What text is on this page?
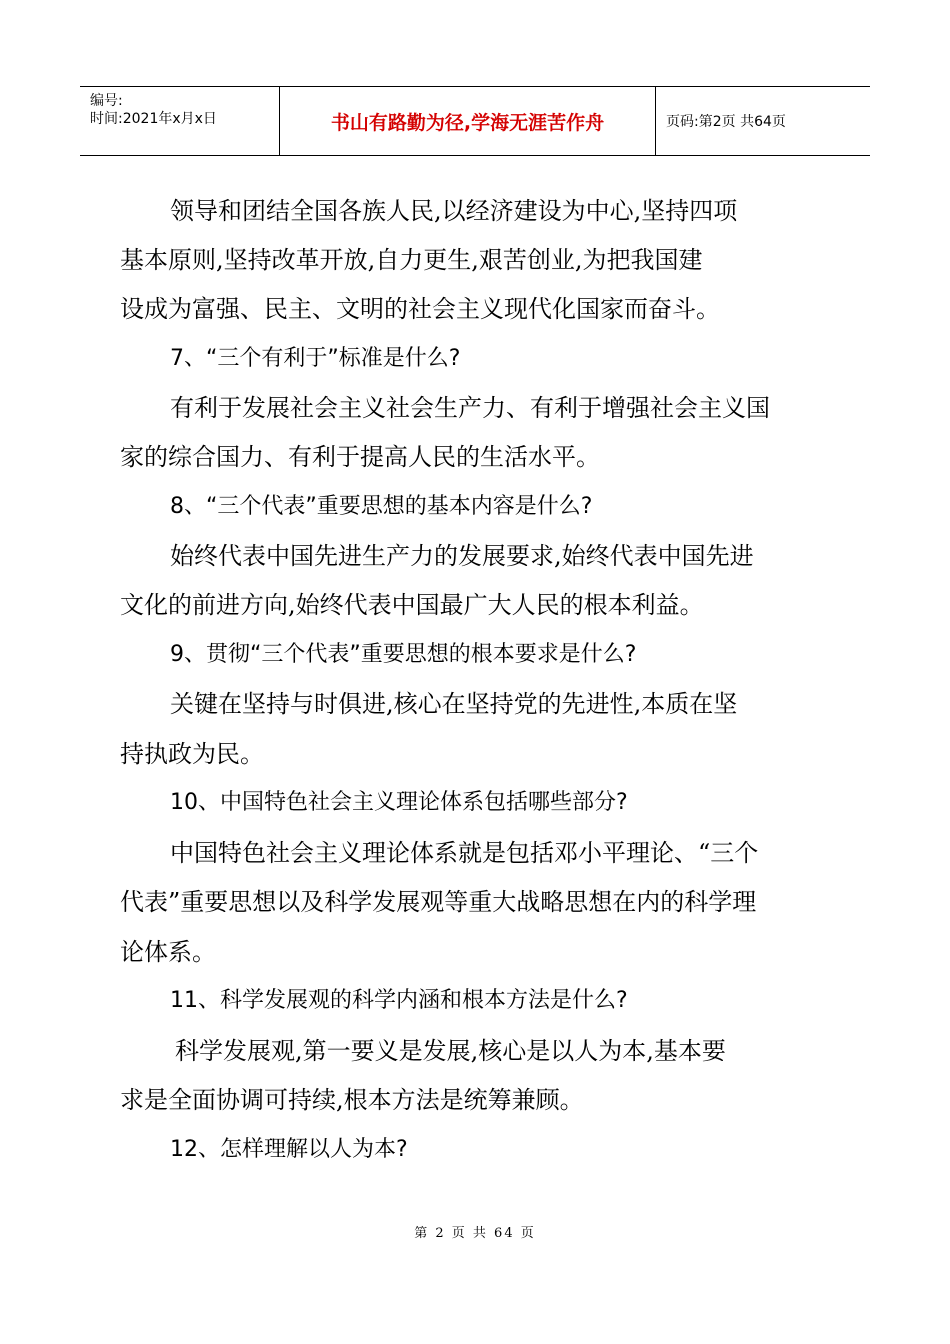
编号:
时间:2021年x月x日	书山有路勤为径,学海无涯苦作舟	页码:第2页 共64页
领导和团结全国各族人民,以经济建设为中心,坚持四项
基本原则,坚持改革开放,自力更生,艰苦创业,为把我国建
设成为富强、民主、文明的社会主义现代化国家而奋斗。
7、“三个有利于”标准是什么?
有利于发展社会主义社会生产力、有利于增强社会主义国
家的综合国力、有利于提高人民的生活水平。
8、“三个代表”重要思想的基本内容是什么?
始终代表中国先进生产力的发展要求,始终代表中国先进
文化的前进方向,始终代表中国最广大人民的根本利益。
9、贯彻“三个代表”重要思想的根本要求是什么?
关键在坚持与时俱进,核心在坚持党的先进性,本质在坚
持执政为民。
10、中国特色社会主义理论体系包括哪些部分?
中国特色社会主义理论体系就是包括邓小平理论、“三个
代表”重要思想以及科学发展观等重大战略思想在内的科学理
论体系。
11、科学发展观的科学内涵和根本方法是什么?
科学发展观,第一要义是发展,核心是以人为本,基本要
求是全面协调可持续,根本方法是统筹兼顾。
12、怎样理解以人为本?
第 2 页 共 64 页
